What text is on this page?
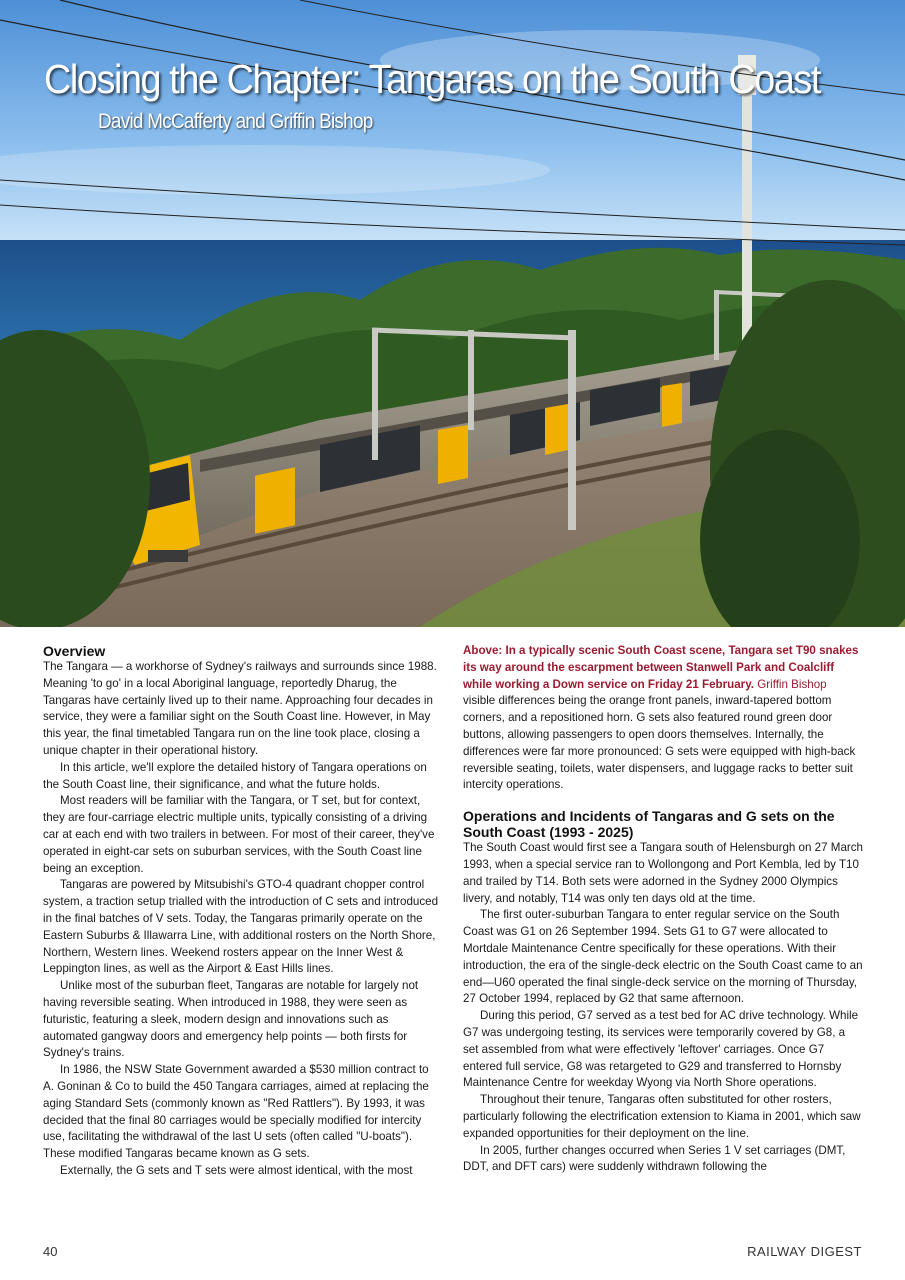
Closing the Chapter: Tangaras on the South Coast
David McCafferty and Griffin Bishop
Overview

The Tangara — a workhorse of Sydney's railways and surrounds since 1988. Meaning 'to go' in a local Aboriginal language, reportedly Dharug, the Tangaras have certainly lived up to their name. Approaching four decades in service, they were a familiar sight on the South Coast line. However, in May this year, the final timetabled Tangara run on the line took place, closing a unique chapter in their operational history.

In this article, we'll explore the detailed history of Tangara operations on the South Coast line, their significance, and what the future holds.

Most readers will be familiar with the Tangara, or T set, but for context, they are four-carriage electric multiple units, typically consisting of a driving car at each end with two trailers in between. For most of their career, they've operated in eight-car sets on suburban services, with the South Coast line being an exception.

Tangaras are powered by Mitsubishi's GTO-4 quadrant chopper control system, a traction setup trialled with the introduction of C sets and introduced in the final batches of V sets. Today, the Tangaras primarily operate on the Eastern Suburbs & Illawarra Line, with additional rosters on the North Shore, Northern, Western lines. Weekend rosters appear on the Inner West & Leppington lines, as well as the Airport & East Hills lines.

Unlike most of the suburban fleet, Tangaras are notable for largely not having reversible seating. When introduced in 1988, they were seen as futuristic, featuring a sleek, modern design and innovations such as automated gangway doors and emergency help points — both firsts for Sydney's trains.

In 1986, the NSW State Government awarded a $530 million contract to A. Goninan & Co to build the 450 Tangara carriages, aimed at replacing the aging Standard Sets (commonly known as "Red Rattlers"). By 1993, it was decided that the final 80 carriages would be specially modified for intercity use, facilitating the withdrawal of the last U sets (often called "U-boats"). These modified Tangaras became known as G sets.

Externally, the G sets and T sets were almost identical, with the most

Above: In a typically scenic South Coast scene, Tangara set T90 snakes its way around the escarpment between Stanwell Park and Coalcliff while working a Down service on Friday 21 February. Griffin Bishop

visible differences being the orange front panels, inward-tapered bottom corners, and a repositioned horn. G sets also featured round green door buttons, allowing passengers to open doors themselves. Internally, the differences were far more pronounced: G sets were equipped with high-back reversible seating, toilets, water dispensers, and luggage racks to better suit intercity operations.

Operations and Incidents of Tangaras and G sets on the South Coast (1993 - 2025)

The South Coast would first see a Tangara south of Helensburgh on 27 March 1993, when a special service ran to Wollongong and Port Kembla, led by T10 and trailed by T14. Both sets were adorned in the Sydney 2000 Olympics livery, and notably, T14 was only ten days old at the time.

The first outer-suburban Tangara to enter regular service on the South Coast was G1 on 26 September 1994. Sets G1 to G7 were allocated to Mortdale Maintenance Centre specifically for these operations. With their introduction, the era of the single-deck electric on the South Coast came to an end—U60 operated the final single-deck service on the morning of Thursday, 27 October 1994, replaced by G2 that same afternoon.

During this period, G7 served as a test bed for AC drive technology. While G7 was undergoing testing, its services were temporarily covered by G8, a set assembled from what were effectively 'leftover' carriages. Once G7 entered full service, G8 was retargeted to G29 and transferred to Hornsby Maintenance Centre for weekday Wyong via North Shore operations.

Throughout their tenure, Tangaras often substituted for other rosters, particularly following the electrification extension to Kiama in 2001, which saw expanded opportunities for their deployment on the line.

In 2005, further changes occurred when Series 1 V set carriages (DMT, DDT, and DFT cars) were suddenly withdrawn following the

40	RAILWAY DIGEST
